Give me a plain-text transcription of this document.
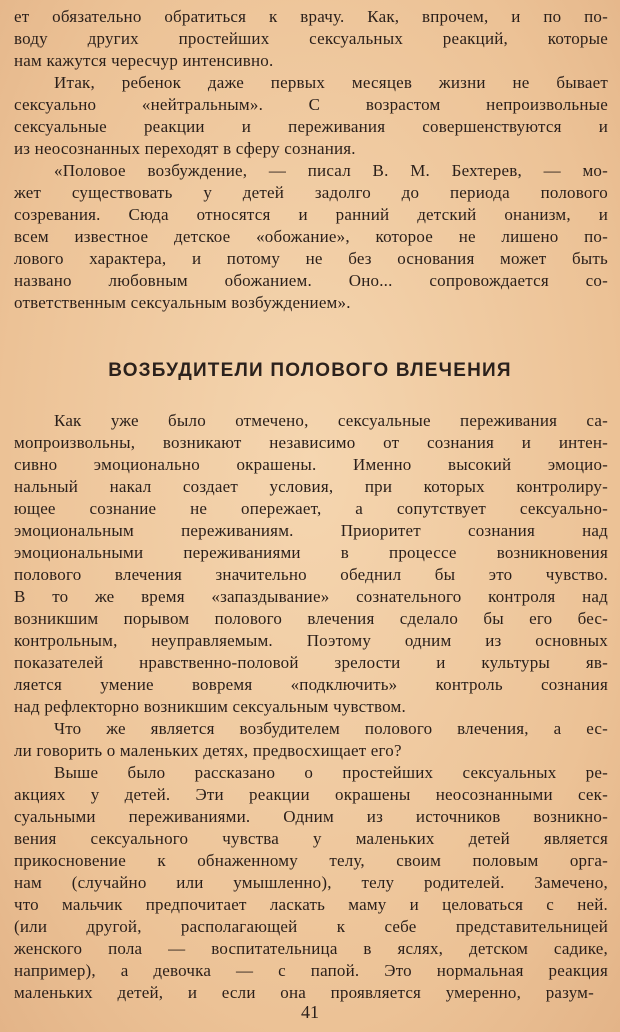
ет обязательно обратиться к врачу. Как, впрочем, и по по-
воду других простейших сексуальных реакций, которые
нам кажутся чересчур интенсивно.
Итак, ребенок даже первых месяцев жизни не бывает
сексуально «нейтральным». С возрастом непроизвольные
сексуальные реакции и переживания совершенствуются и
из неосознанных переходят в сферу сознания.
«Половое возбуждение, — писал В. М. Бехтерев, — мо-
жет существовать у детей задолго до периода полового
созревания. Сюда относятся и ранний детский онанизм, и
всем известное детское «обожание», которое не лишено по-
лового характера, и потому не без основания может быть
названо любовным обожанием. Оно... сопровождается со-
ответственным сексуальным возбуждением».
ВОЗБУДИТЕЛИ ПОЛОВОГО ВЛЕЧЕНИЯ
Как уже было отмечено, сексуальные переживания са-
мопроизвольны, возникают независимо от сознания и интен-
сивно эмоционально окрашены. Именно высокий эмоцио-
нальный накал создает условия, при которых контролиру-
ющее сознание не опережает, а сопутствует сексуально-
эмоциональным переживаниям. Приоритет сознания над
эмоциональными переживаниями в процессе возникновения
полового влечения значительно обеднил бы это чувство.
В то же время «запаздывание» сознательного контроля над
возникшим порывом полового влечения сделало бы его бес-
контрольным, неуправляемым. Поэтому одним из основных
показателей нравственно-половой зрелости и культуры яв-
ляется умение вовремя «подключить» контроль сознания
над рефлекторно возникшим сексуальным чувством.
Что же является возбудителем полового влечения, а ес-
ли говорить о маленьких детях, предвосхищает его?
Выше было рассказано о простейших сексуальных ре-
акциях у детей. Эти реакции окрашены неосознанными сек-
суальными переживаниями. Одним из источников возникно-
вения сексуального чувства у маленьких детей является
прикосновение к обнаженному телу, своим половым орга-
нам (случайно или умышленно), телу родителей. Замечено,
что мальчик предпочитает ласкать маму и целоваться с ней.
(или другой, располагающей к себе представительницей
женского пола — воспитательница в яслях, детском садике,
например), а девочка — с папой. Это нормальная реакция
маленьких детей, и если она проявляется умеренно, разум-
41
